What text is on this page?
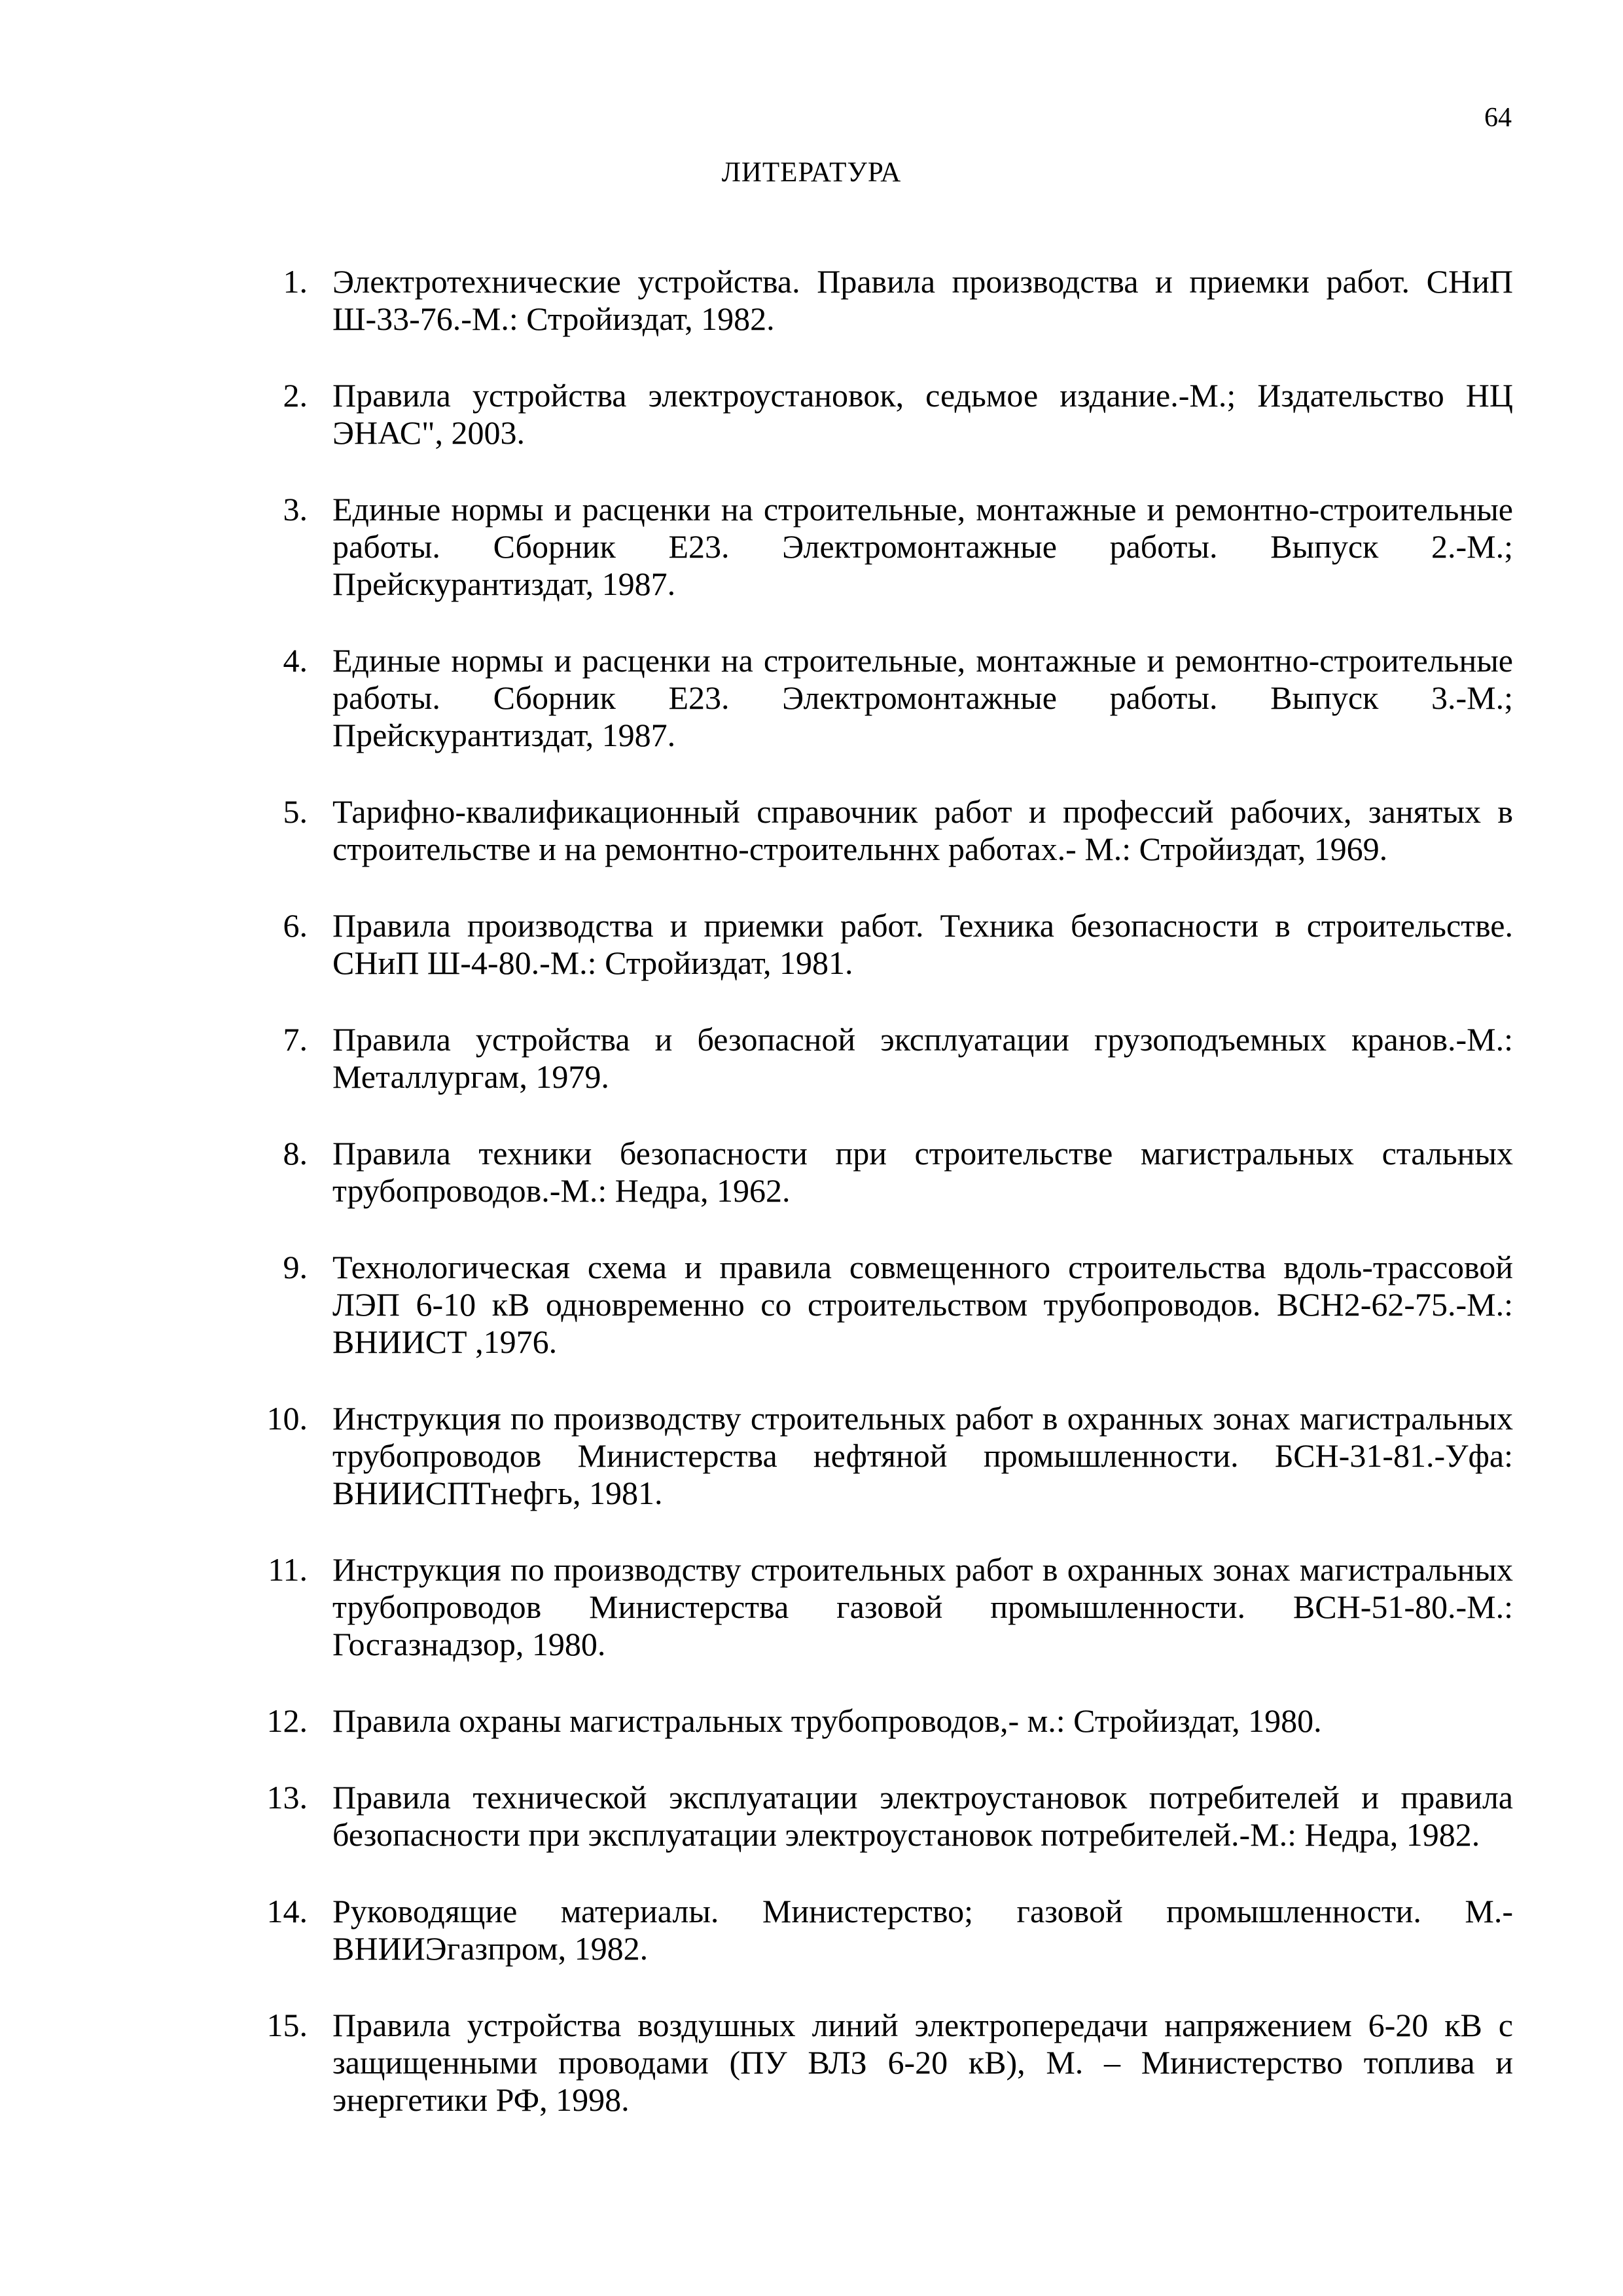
64
ЛИТЕРАТУРА
1. Электротехнические устройства. Правила производства и приемки работ. СНиП Ш-33-76.-М.: Стройиздат, 1982.
2. Правила устройства электроустановок, седьмое издание.-М.; Издательство НЦ ЭНАС", 2003.
3. Единые нормы и расценки на строительные, монтажные и ремонтно-строительные работы. Сборник Е23. Электромонтажные работы. Выпуск 2.-М.; Прейскурантиздат, 1987.
4. Единые нормы и расценки на строительные, монтажные и ремонтно-строительные работы. Сборник Е23. Электромонтажные работы. Выпуск 3.-М.; Прейскурантиздат, 1987.
5. Тарифно-квалификационный справочник работ и профессий рабочих, занятых в строительстве и на ремонтно-строительннх работах.- М.: Стройиздат, 1969.
6. Правила производства и приемки работ. Техника безопасности в строительстве. СНиП Ш-4-80.-М.: Стройиздат, 1981.
7. Правила устройства и безопасной эксплуатации грузоподъемных кранов.-М.: Металлургам, 1979.
8. Правила техники безопасности при строительстве магистральных стальных трубопроводов.-М.: Недра, 1962.
9. Технологическая схема и правила совмещенного строительства вдоль-трассовой ЛЭП 6-10 кВ одновременно со строительством трубопроводов. ВСН2-62-75.-М.: ВНИИСТ ,1976.
10. Инструкция по производству строительных работ в охранных зонах магистральных трубопроводов Министерства нефтяной промышленности. БСН-31-81.-Уфа: ВНИИСПТнефгь, 1981.
11. Инструкция по производству строительных работ в охранных зонах магистральных трубопроводов Министерства газовой промышленности. ВСН-51-80.-М.: Госгазнадзор, 1980.
12. Правила охраны магистральных трубопроводов,- м.: Стройиздат, 1980.
13. Правила технической эксплуатации электроустановок потребителей и правила безопасности при эксплуатации электроустановок потребителей.-М.: Недра, 1982.
14. Руководящие материалы. Министерство; газовой промышленности. М.- ВНИИЭгазпром, 1982.
15. Правила устройства воздушных линий электропередачи напряжением 6-20 кВ с защищенными проводами (ПУ ВЛЗ 6-20 кВ), М. – Министерство топлива и энергетики РФ, 1998.
